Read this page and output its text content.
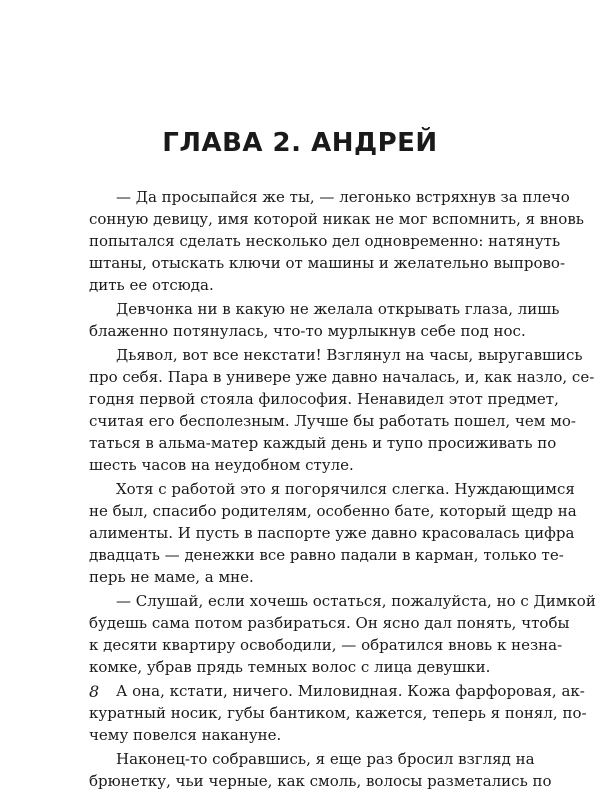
ГЛАВА 2. АНДРЕЙ
— Да просыпайся же ты, — легонько встряхнув за плечо
сонную девицу, имя которой никак не мог вспомнить, я вновь
попытался сделать несколько дел одновременно: натянуть
штаны, отыскать ключи от машины и желательно выпрово-
дить ее отсюда.
Девчонка ни в какую не желала открывать глаза, лишь
блаженно потянулась, что-то мурлыкнув себе под нос.
Дьявол, вот все некстати! Взглянул на часы, выругавшись
про себя. Пара в универе уже давно началась, и, как назло, се-
годня первой стояла философия. Ненавидел этот предмет,
считая его бесполезным. Лучше бы работать пошел, чем мо-
таться в альма-матер каждый день и тупо просиживать по
шесть часов на неудобном стуле.
Хотя с работой это я погорячился слегка. Нуждающимся
не был, спасибо родителям, особенно бате, который щедр на
алименты. И пусть в паспорте уже давно красовалась цифра
двадцать — денежки все равно падали в карман, только те-
перь не маме, а мне.
— Слушай, если хочешь остаться, пожалуйста, но с Димкой
будешь сама потом разбираться. Он ясно дал понять, чтобы
к десяти квартиру освободили, — обратился вновь к незна-
комке, убрав прядь темных волос с лица девушки.
А она, кстати, ничего. Миловидная. Кожа фарфоровая, ак-
куратный носик, губы бантиком, кажется, теперь я понял, по-
чему повелся накануне.
Наконец-то собравшись, я еще раз бросил взгляд на
брюнетку, чьи черные, как смоль, волосы разметались по
8
